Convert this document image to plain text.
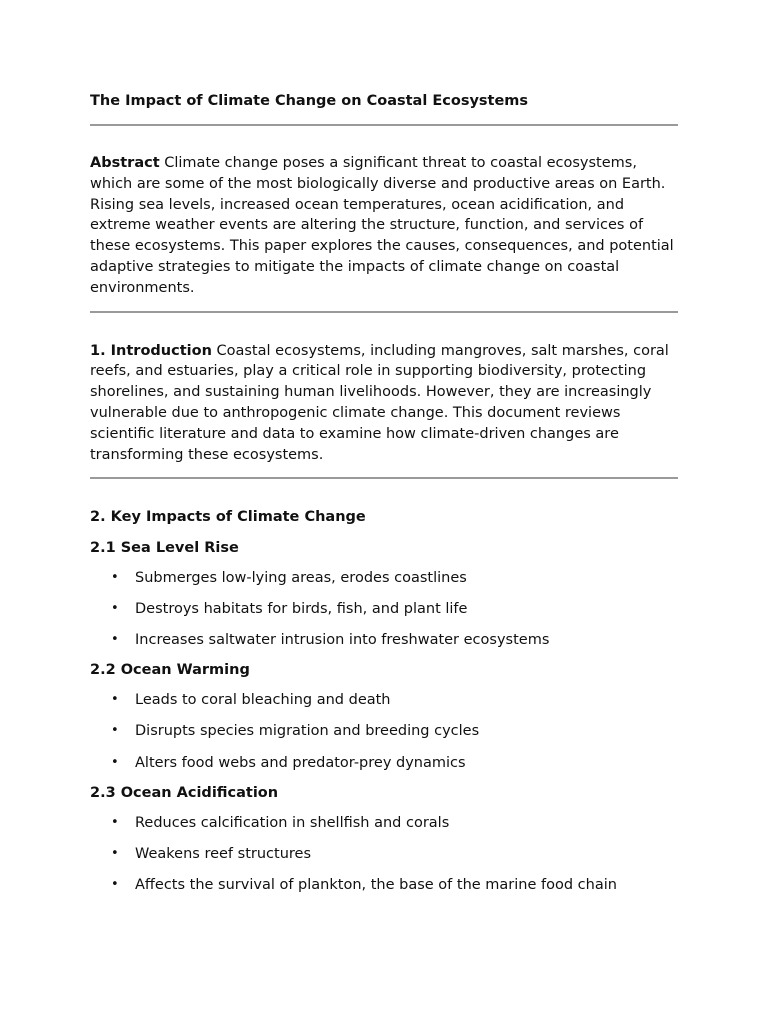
The Impact of Climate Change on Coastal Ecosystems

Abstract Climate change poses a significant threat to coastal ecosystems, which are some of the most biologically diverse and productive areas on Earth. Rising sea levels, increased ocean temperatures, ocean acidification, and extreme weather events are altering the structure, function, and services of these ecosystems. This paper explores the causes, consequences, and potential adaptive strategies to mitigate the impacts of climate change on coastal environments.

1. Introduction Coastal ecosystems, including mangroves, salt marshes, coral reefs, and estuaries, play a critical role in supporting biodiversity, protecting shorelines, and sustaining human livelihoods. However, they are increasingly vulnerable due to anthropogenic climate change. This document reviews scientific literature and data to examine how climate-driven changes are transforming these ecosystems.

2. Key Impacts of Climate Change
2.1 Sea Level Rise
• Submerges low-lying areas, erodes coastlines
• Destroys habitats for birds, fish, and plant life
• Increases saltwater intrusion into freshwater ecosystems
2.2 Ocean Warming
• Leads to coral bleaching and death
• Disrupts species migration and breeding cycles
• Alters food webs and predator-prey dynamics
2.3 Ocean Acidification
• Reduces calcification in shellfish and corals
• Weakens reef structures
• Affects the survival of plankton, the base of the marine food chain
